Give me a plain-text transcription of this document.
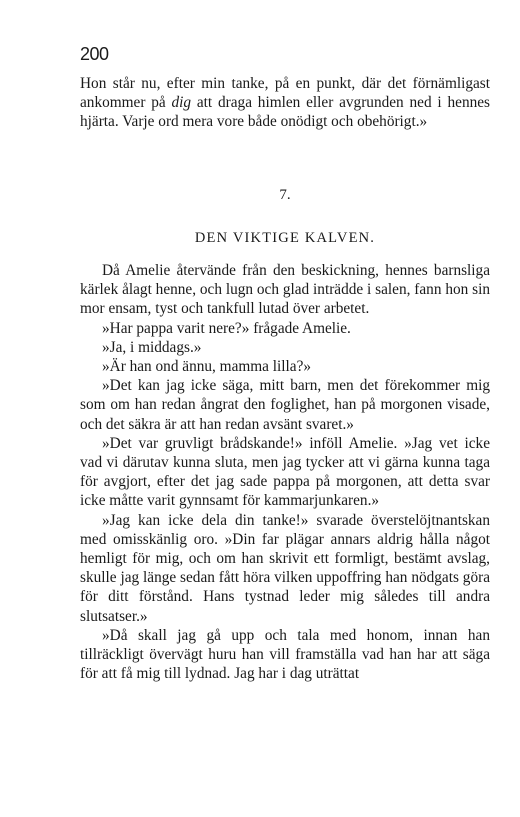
200

Hon står nu, efter min tanke, på en punkt, där det förnämligast ankommer på dig att draga himlen eller avgrunden ned i hennes hjärta. Varje ord mera vore både onödigt och obehörigt.»

7.
DEN VIKTIGE KALVEN.

Då Amelie återvände från den beskickning, hennes barnsliga kärlek ålagt henne, och lugn och glad inträdde i salen, fann hon sin mor ensam, tyst och tankfull lutad över arbetet.

»Har pappa varit nere?» frågade Amelie.

»Ja, i middags.»

»Är han ond ännu, mamma lilla?»

»Det kan jag icke säga, mitt barn, men det förekommer mig som om han redan ångrat den foglighet, han på morgonen visade, och det säkra är att han redan avsänt svaret.»

»Det var gruvligt brådskande!» inföll Amelie. »Jag vet icke vad vi därutav kunna sluta, men jag tycker att vi gärna kunna taga för avgjort, efter det jag sade pappa på morgonen, att detta svar icke måtte varit gynnsamt för kammarjunkaren.»

»Jag kan icke dela din tanke!» svarade överstelöjtnantskan med omisskänlig oro. »Din far plägar annars aldrig hålla något hemligt för mig, och om han skrivit ett formligt, bestämt avslag, skulle jag länge sedan fått höra vilken uppoffring han nödgats göra för ditt förstånd. Hans tystnad leder mig således till andra slutsatser.»

»Då skall jag gå upp och tala med honom, innan han tillräckligt övervägt huru han vill framställa vad han har att säga för att få mig till lydnad. Jag har i dag uträttat
